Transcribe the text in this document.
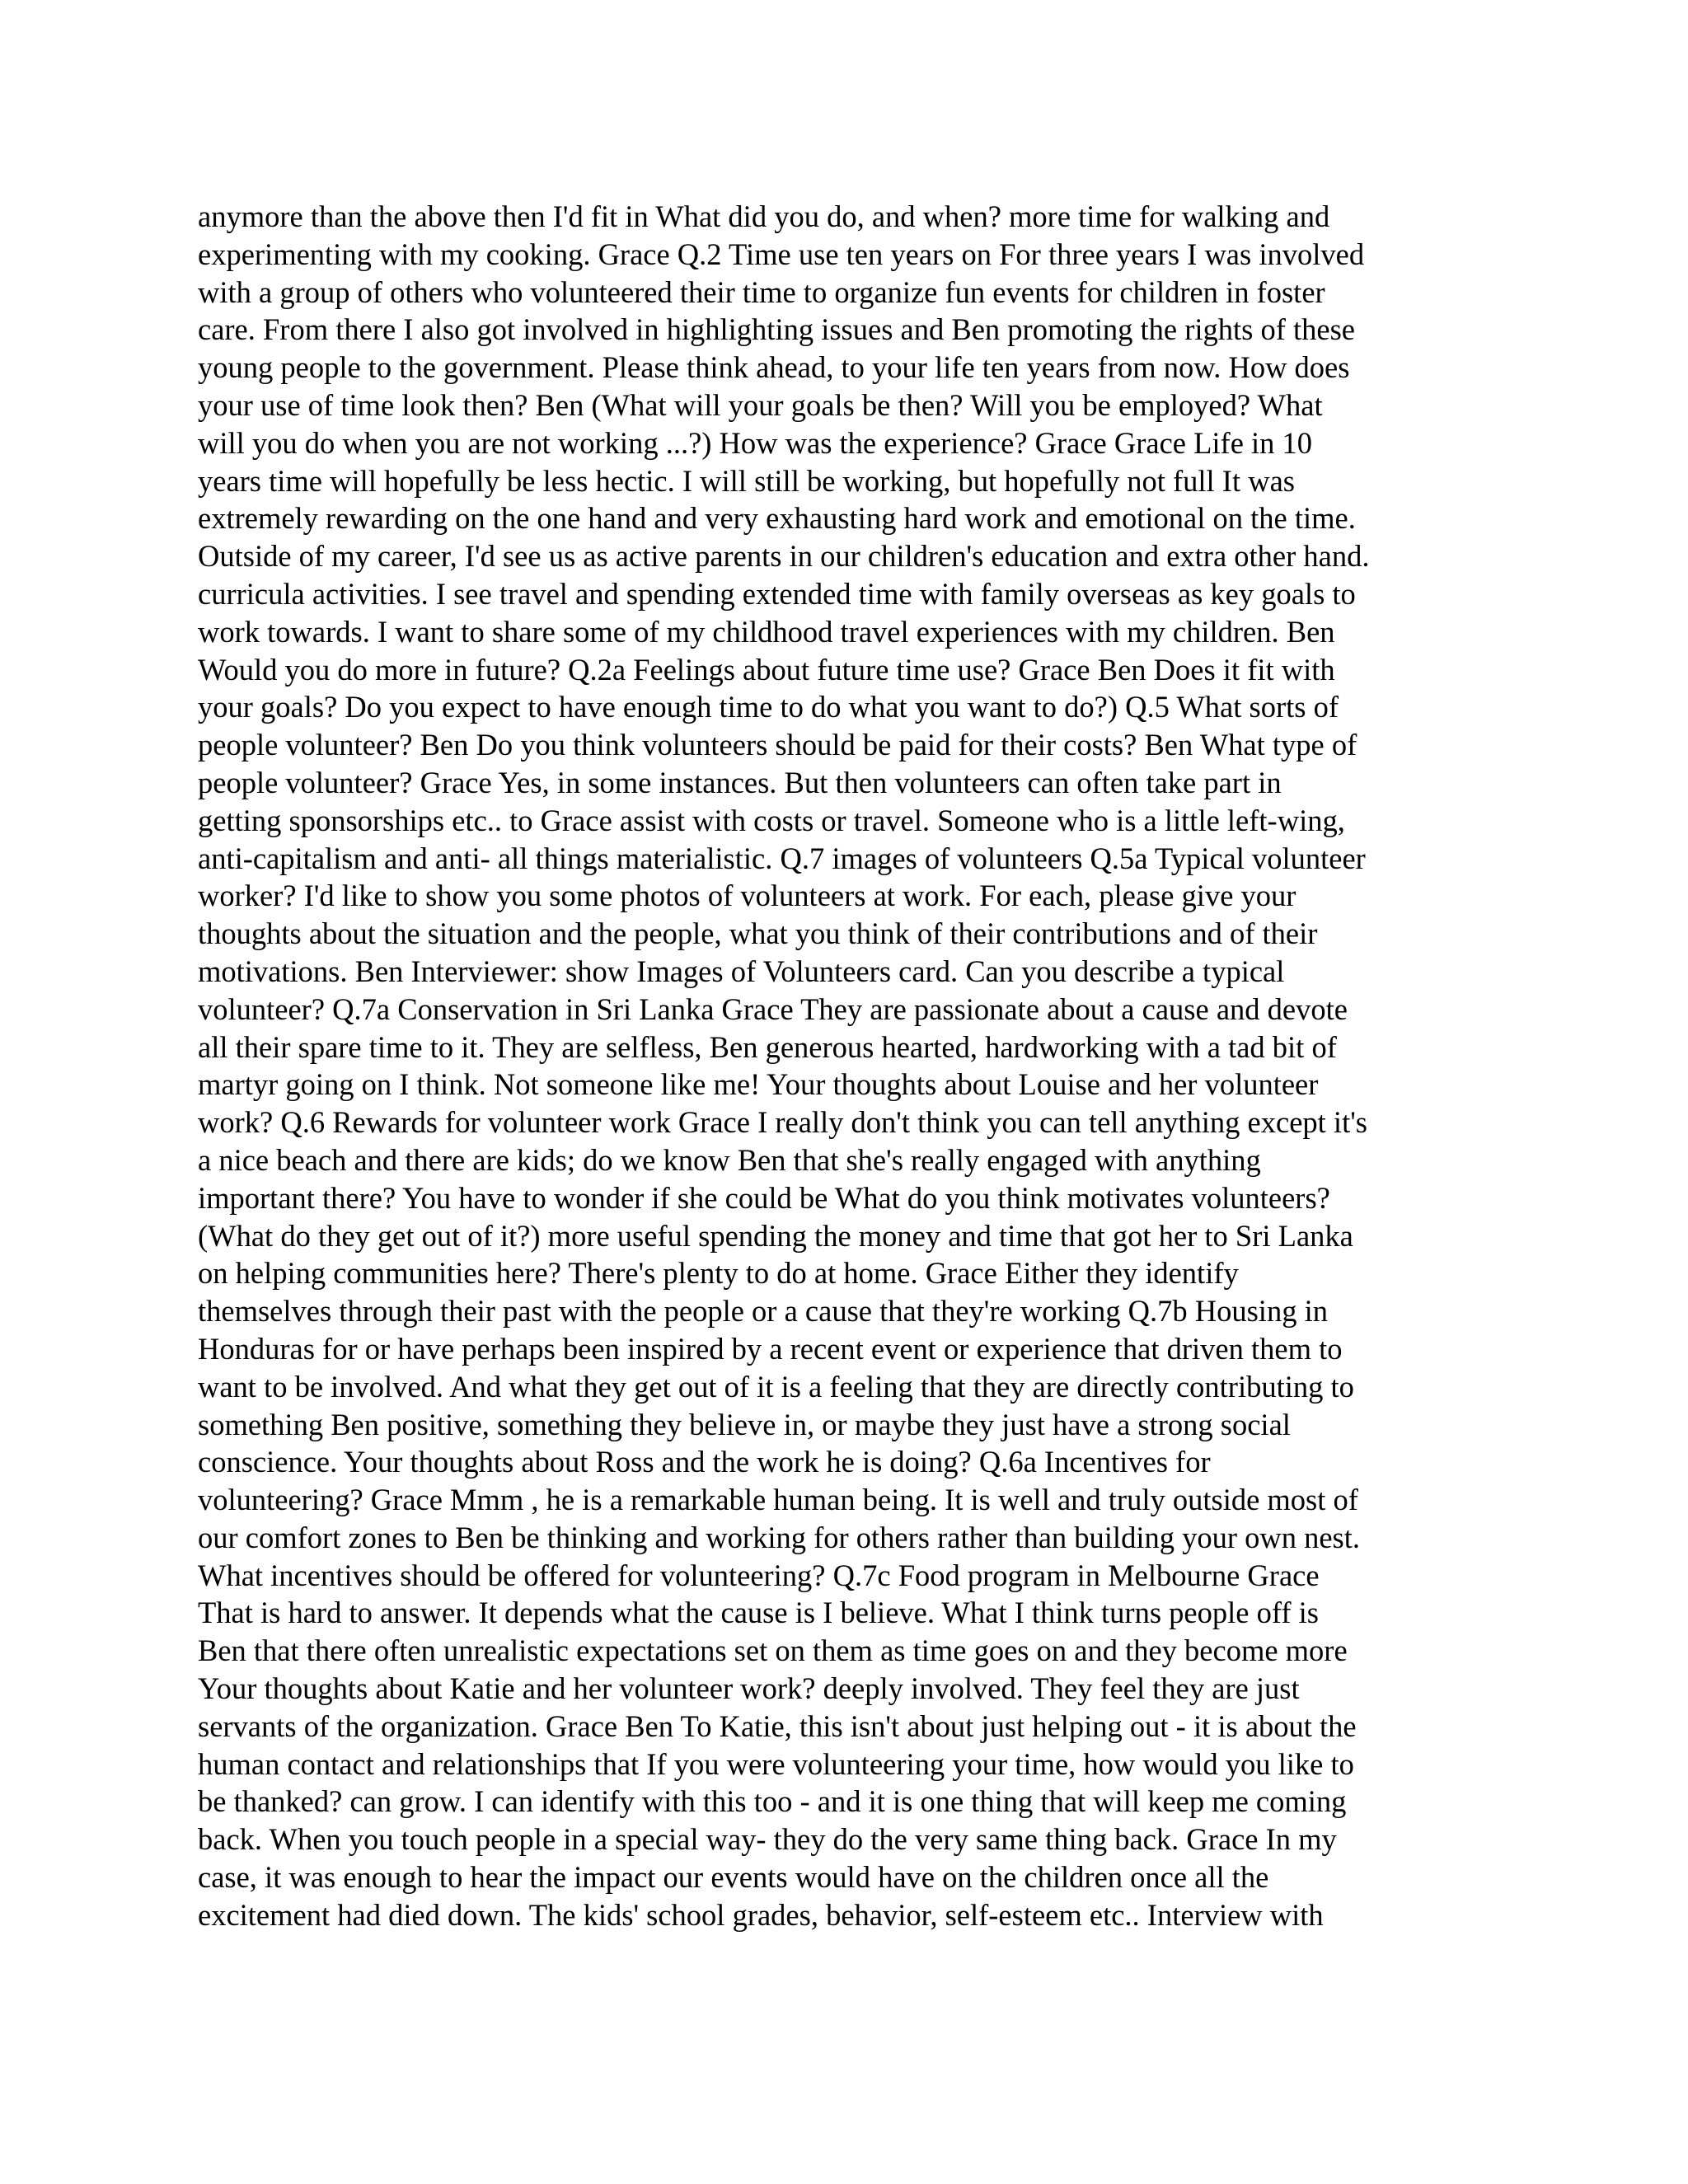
anymore than the above then I'd fit in What did you do, and when? more time for walking and
experimenting with my cooking. Grace Q.2 Time use ten years on For three years I was involved
with a group of others who volunteered their time to organize fun events for children in foster
care. From there I also got involved in highlighting issues and Ben promoting the rights of these
young people to the government. Please think ahead, to your life ten years from now. How does
your use of time look then? Ben (What will your goals be then? Will you be employed? What
will you do when you are not working ...?) How was the experience? Grace Grace Life in 10
years time will hopefully be less hectic. I will still be working, but hopefully not full It was
extremely rewarding on the one hand and very exhausting hard work and emotional on the time.
Outside of my career, I'd see us as active parents in our children's education and extra other hand.
curricula activities. I see travel and spending extended time with family overseas as key goals to
work towards. I want to share some of my childhood travel experiences with my children. Ben
Would you do more in future? Q.2a Feelings about future time use? Grace Ben Does it fit with
your goals? Do you expect to have enough time to do what you want to do?) Q.5 What sorts of
people volunteer? Ben Do you think volunteers should be paid for their costs? Ben What type of
people volunteer? Grace Yes, in some instances. But then volunteers can often take part in
getting sponsorships etc.. to Grace assist with costs or travel. Someone who is a little left-wing,
anti-capitalism and anti- all things materialistic. Q.7 images of volunteers Q.5a Typical volunteer
worker? I'd like to show you some photos of volunteers at work. For each, please give your
thoughts about the situation and the people, what you think of their contributions and of their
motivations. Ben Interviewer: show Images of Volunteers card. Can you describe a typical
volunteer? Q.7a Conservation in Sri Lanka Grace They are passionate about a cause and devote
all their spare time to it. They are selfless, Ben generous hearted, hardworking with a tad bit of
martyr going on I think. Not someone like me! Your thoughts about Louise and her volunteer
work? Q.6 Rewards for volunteer work Grace I really don't think you can tell anything except it's
a nice beach and there are kids; do we know Ben that she's really engaged with anything
important there? You have to wonder if she could be What do you think motivates volunteers?
(What do they get out of it?) more useful spending the money and time that got her to Sri Lanka
on helping communities here? There's plenty to do at home. Grace Either they identify
themselves through their past with the people or a cause that they're working Q.7b Housing in
Honduras for or have perhaps been inspired by a recent event or experience that driven them to
want to be involved. And what they get out of it is a feeling that they are directly contributing to
something Ben positive, something they believe in, or maybe they just have a strong social
conscience. Your thoughts about Ross and the work he is doing? Q.6a Incentives for
volunteering? Grace Mmm , he is a remarkable human being. It is well and truly outside most of
our comfort zones to Ben be thinking and working for others rather than building your own nest.
What incentives should be offered for volunteering? Q.7c Food program in Melbourne Grace
That is hard to answer. It depends what the cause is I believe. What I think turns people off is
Ben that there often unrealistic expectations set on them as time goes on and they become more
Your thoughts about Katie and her volunteer work? deeply involved. They feel they are just
servants of the organization. Grace Ben To Katie, this isn't about just helping out - it is about the
human contact and relationships that If you were volunteering your time, how would you like to
be thanked? can grow. I can identify with this too - and it is one thing that will keep me coming
back. When you touch people in a special way- they do the very same thing back. Grace In my
case, it was enough to hear the impact our events would have on the children once all the
excitement had died down. The kids' school grades, behavior, self-esteem etc.. Interview with
